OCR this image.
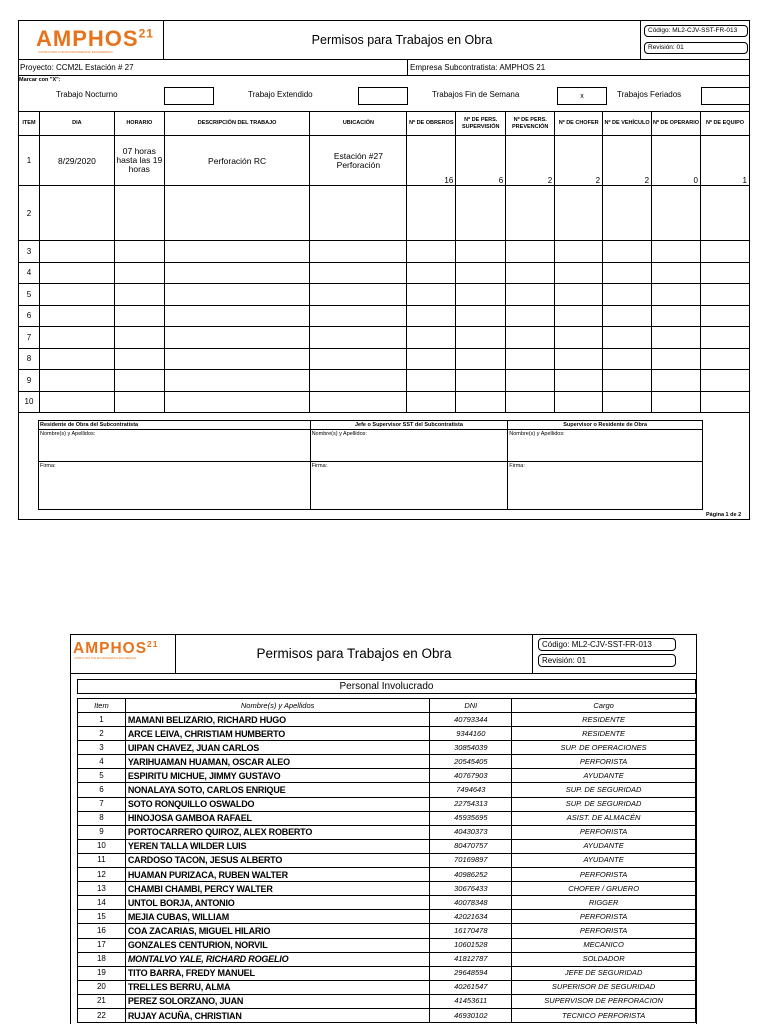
AMPHOS$^{21}$
CONSULTING FOR ENVIRONMENTAL ENGINEERING
Permisos para Trabajos en Obra
Código: ML2-CJV-SST-FR-013
Revisión: 01
Proyecto: CCM2L Estación # 27	Empresa Subcontratista: AMPHOS 21
Marcar con "X":
Trabajo Nocturno	Trabajo Extendido	Trabajos Fin de Semana	x	Trabajos Feriados
ITEM	DIA	HORARIO	DESCRIPCIÓN DEL TRABAJO	UBICACIÓN	Nº DE OBREROS	Nº DE PERS. SUPERVISIÓN	Nº DE PERS. PREVENCIÓN	Nº DE CHOFER	Nº DE VEHÍCULO	Nº DE OPERARIO	Nº DE EQUIPO
1	8/29/2020	07 horas hasta las 19 horas	Perforación RC	Estación #27 Perforación	16	6	2	2	2	0	1
2											
3											
4											
5											
6											
7											
8											
9											
10											
Residente de Obra del Subcontratista	Jefe o Supervisor SST del Subcontratista	Supervisor o Residente de Obra
Nombre(s) y Apellidos:	Nombre(s) y Apellidos:	Nombre(s) y Apellidos:
Firma:	Firma:	Firma:
Página 1 de 2
AMPHOS$^{21}$
CONSULTING FOR ENVIRONMENTAL ENGINEERING	Permisos para Trabajos en Obra
Código: ML2-CJV-SST-FR-013
Revisión: 01
Personal Involucrado
Item	Nombre(s) y Apellidos	DNI	Cargo
1	MAMANI BELIZARIO, RICHARD HUGO	40793344	RESIDENTE
2	ARCE LEIVA, CHRISTIAM HUMBERTO	9344160	RESIDENTE
3	UIPAN CHAVEZ, JUAN CARLOS	30854039	SUP. DE OPERACIONES
4	YARIHUAMAN HUAMAN, OSCAR ALEO	20545405	PERFORISTA
5	ESPIRITU MICHUE, JIMMY GUSTAVO	40767903	AYUDANTE
6	NONALAYA SOTO, CARLOS ENRIQUE	7494643	SUP. DE SEGURIDAD
7	SOTO RONQUILLO OSWALDO	22754313	SUP. DE SEGURIDAD
8	HINOJOSA GAMBOA RAFAEL	45935695	ASIST. DE ALMACÉN
9	PORTOCARRERO QUIROZ, ALEX ROBERTO	40430373	PERFORISTA
10	YEREN TALLA WILDER LUIS	80470757	AYUDANTE
11	CARDOSO TACON, JESUS ALBERTO	70169897	AYUDANTE
12	HUAMAN PURIZACA, RUBEN WALTER	40986252	PERFORISTA
13	CHAMBI CHAMBI, PERCY WALTER	30676433	CHOFER / GRUERO
14	UNTOL BORJA, ANTONIO	40078348	RIGGER
15	MEJIA CUBAS, WILLIAM	42021634	PERFORISTA
16	COA ZACARIAS, MIGUEL HILARIO	16170478	PERFORISTA
17	GONZALES CENTURION, NORVIL	10601528	MECANICO
18	MONTALVO YALE, RICHARD ROGELIO	41812787	SOLDADOR
19	TITO BARRA, FREDY MANUEL	29648594	JEFE DE SEGURIDAD
20	TRELLES BERRU, ALMA	40261547	SUPERISOR DE SEGURIDAD
21	PEREZ SOLORZANO, JUAN	41453611	SUPERVISOR DE PERFORACION
22	RUJAY ACUÑA, CHRISTIAN	46930102	TECNICO PERFORISTA
